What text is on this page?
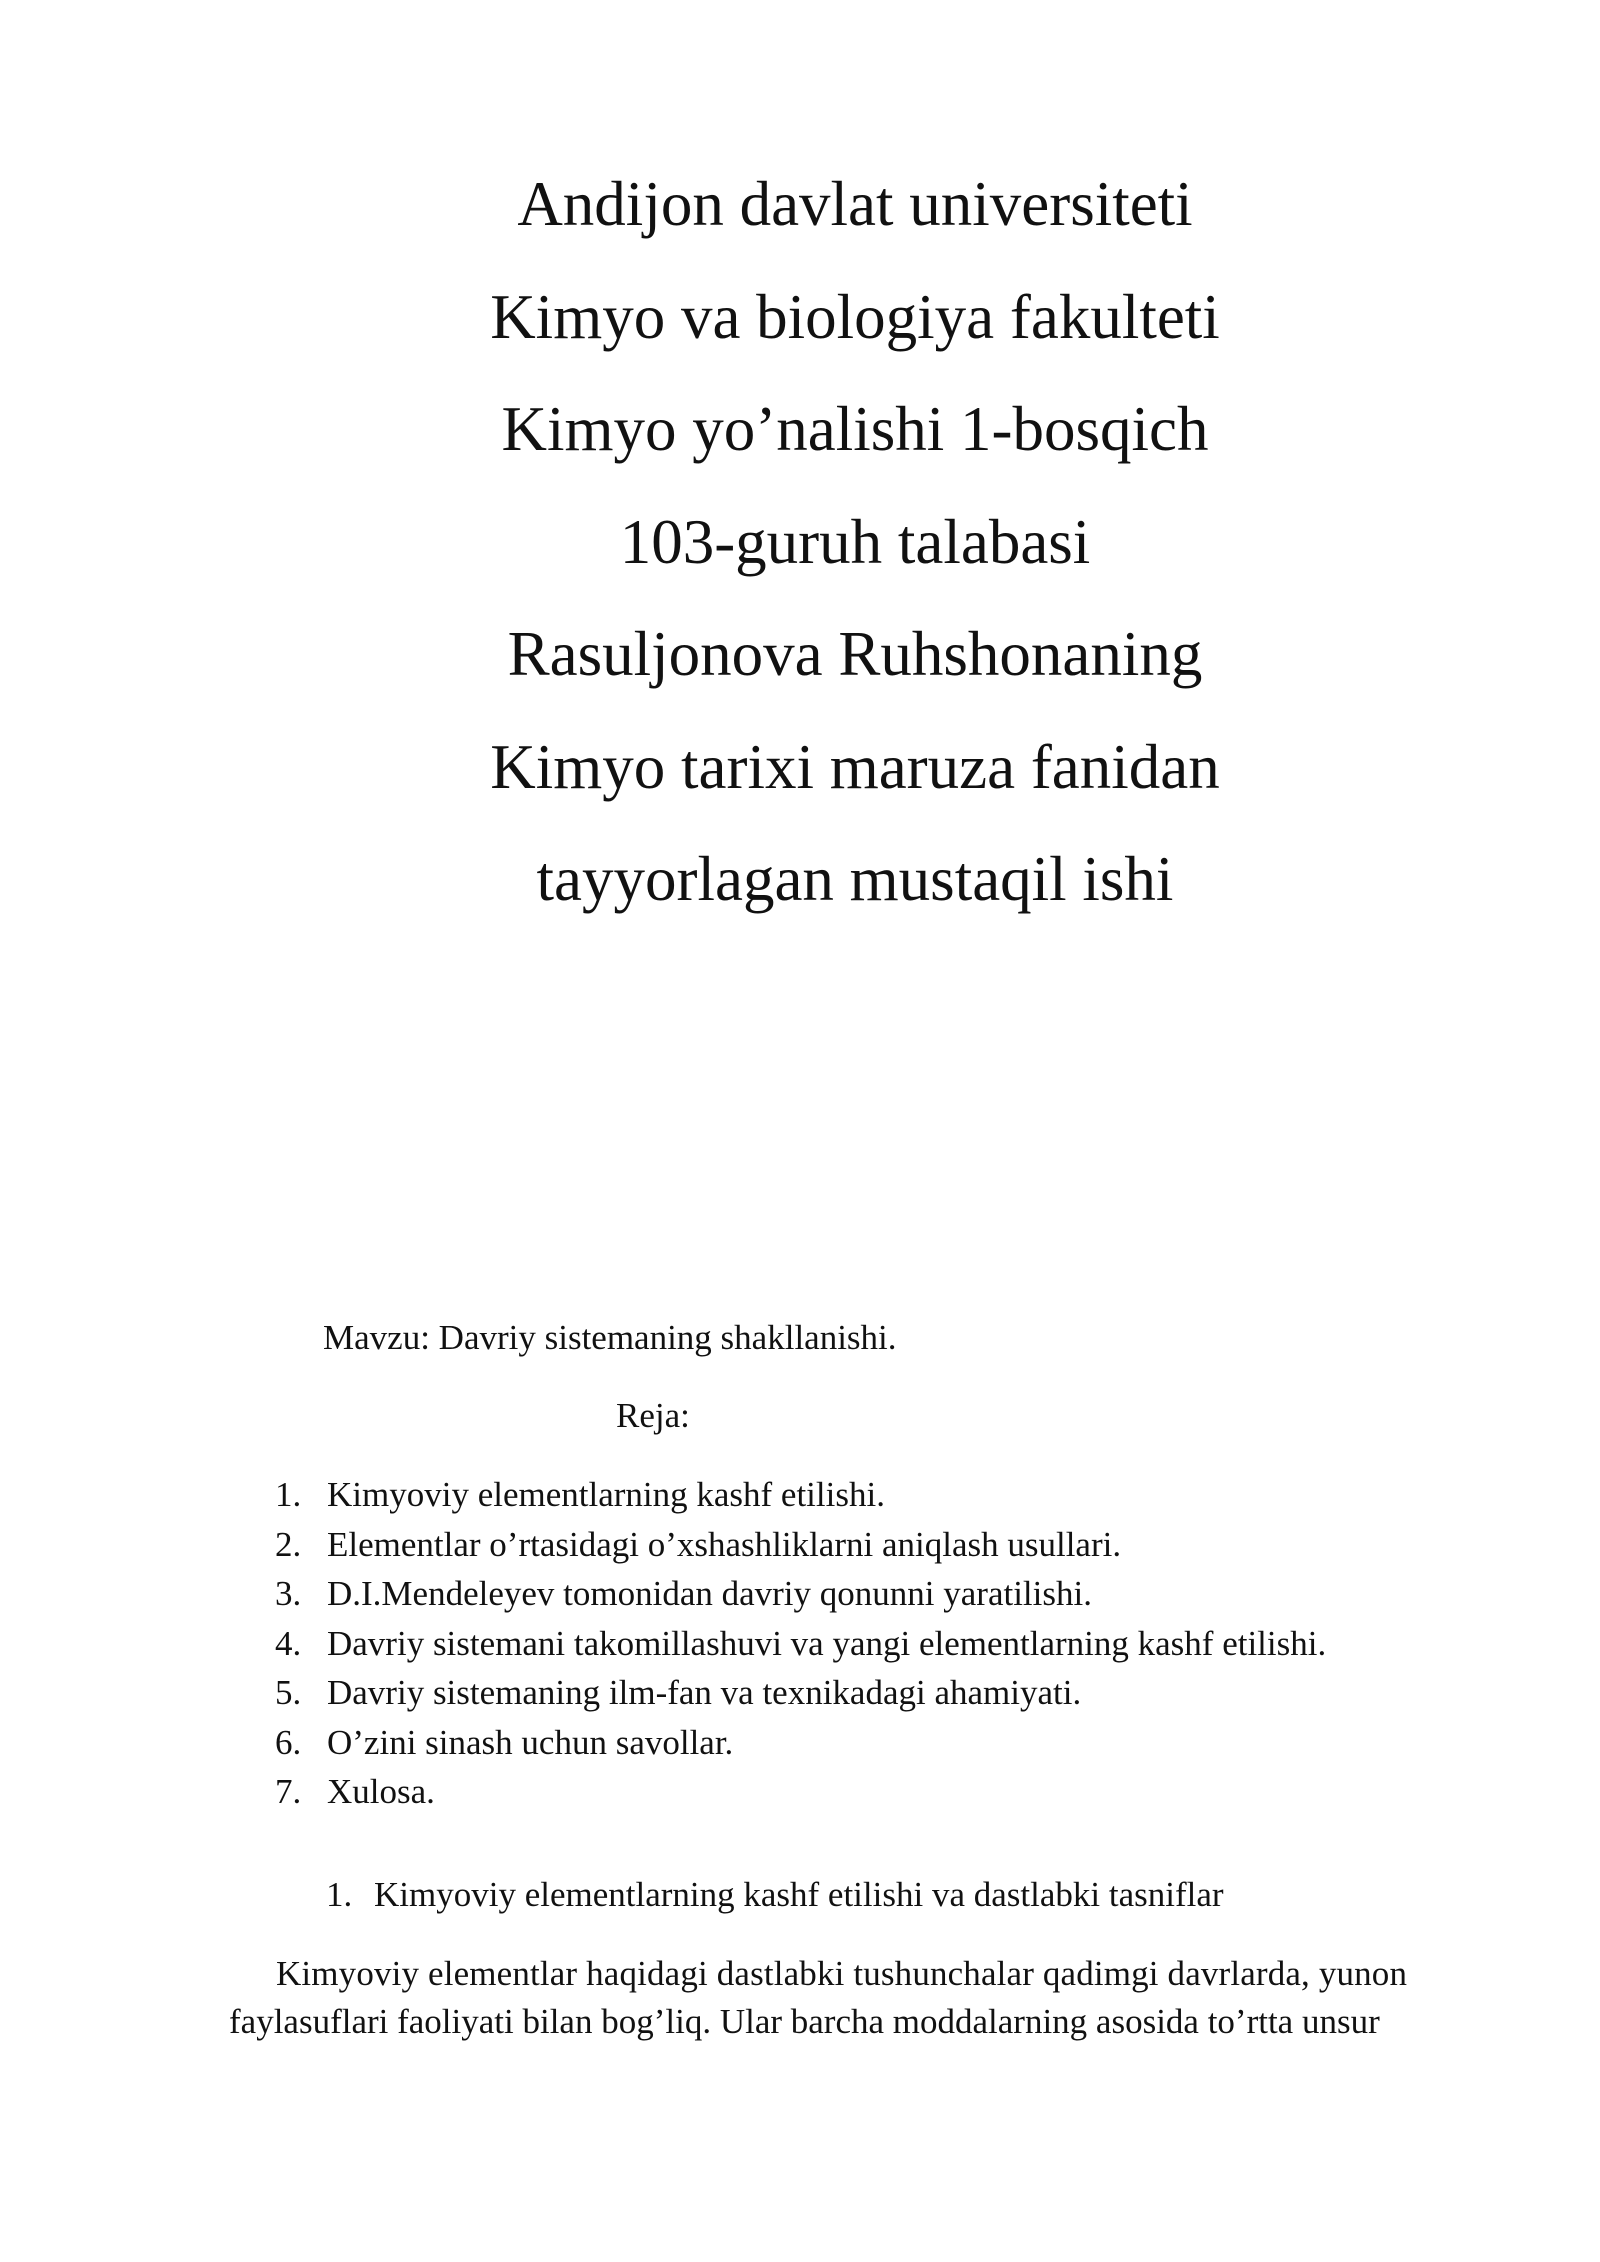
Andijon davlat universiteti
Kimyo va biologiya fakulteti
Kimyo yo’nalishi 1-bosqich
103-guruh talabasi
Rasuljonova Ruhshonaning
Kimyo tarixi maruza fanidan
tayyorlagan mustaqil ishi
Mavzu: Davriy sistemaning shakllanishi.
Reja:
1. Kimyoviy elementlarning kashf etilishi.
2. Elementlar o’rtasidagi o’xshashliklarni aniqlash usullari.
3. D.I.Mendeleyev tomonidan davriy qonunni yaratilishi.
4. Davriy sistemani takomillashuvi va yangi elementlarning kashf etilishi.
5. Davriy sistemaning ilm-fan va texnikadagi ahamiyati.
6. O’zini sinash uchun savollar.
7. Xulosa.
1. Kimyoviy elementlarning kashf etilishi va dastlabki tasniflar
Kimyoviy elementlar haqidagi dastlabki tushunchalar qadimgi davrlarda, yunon
faylasuflari faoliyati bilan bog’liq. Ular barcha moddalarning asosida to’rtta unsur
